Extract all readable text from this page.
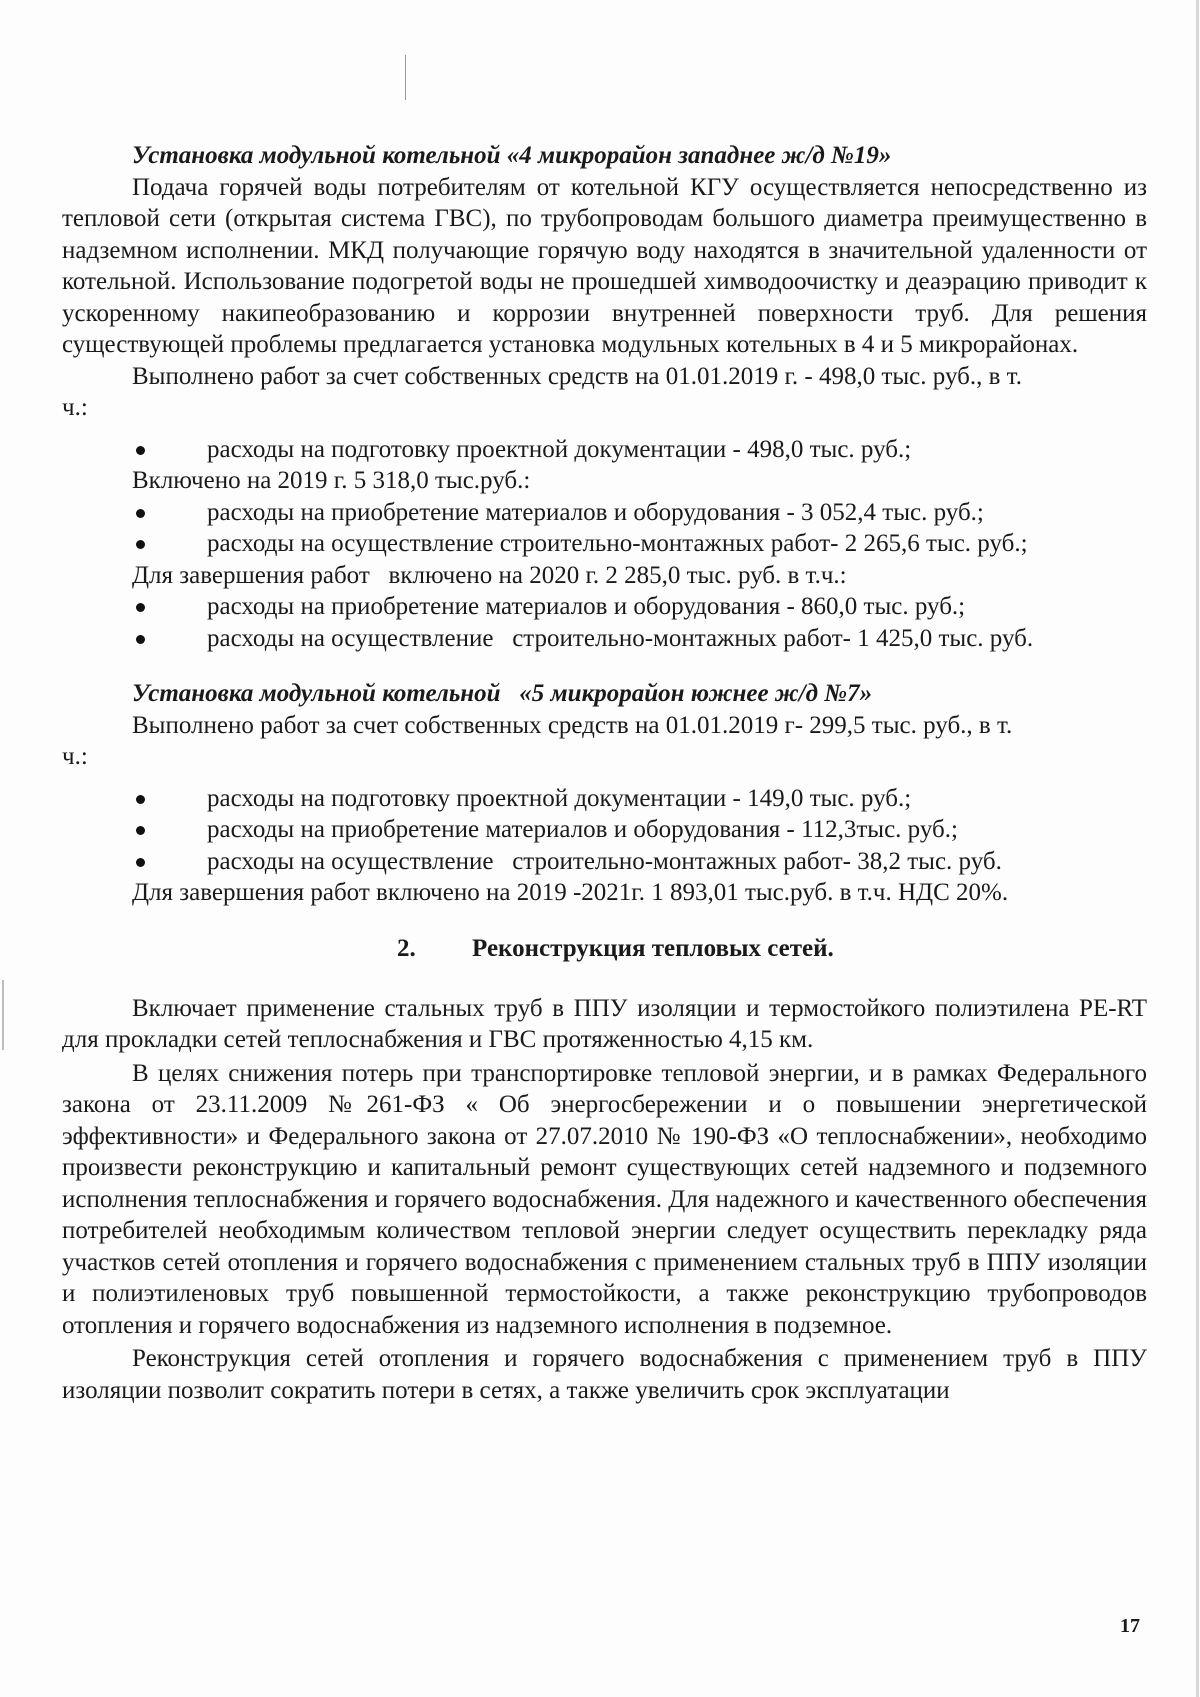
Установка модульной котельной «4 микрорайон западнее ж/д №19»

Подача горячей воды потребителям от котельной КГУ осуществляется непосредственно из тепловой сети (открытая система ГВС), по трубопроводам большого диаметра преимущественно в надземном исполнении. МКД получающие горячую воду находятся в значительной удаленности от котельной. Использование подогретой воды не прошедшей химводоочистку и деаэрацию приводит к ускоренному накипеобразованию и коррозии внутренней поверхности труб. Для решения существующей проблемы предлагается установка модульных котельных в 4 и 5 микрорайонах.

Выполнено работ за счет собственных средств на 01.01.2019 г. - 498,0 тыс. руб., в т.

ч.:

расходы на подготовку проектной документации - 498,0 тыс. руб.;

Включено на 2019 г. 5 318,0 тыс.руб.:

расходы на приобретение материалов и оборудования - 3 052,4 тыс. руб.;
расходы на осуществление строительно-монтажных работ- 2 265,6 тыс. руб.;

Для завершения работ   включено на 2020 г. 2 285,0 тыс. руб. в т.ч.:

расходы на приобретение материалов и оборудования - 860,0 тыс. руб.;
расходы на осуществление   строительно-монтажных работ- 1 425,0 тыс. руб.

Установка модульной котельной   «5 микрорайон южнее ж/д №7»

Выполнено работ за счет собственных средств на 01.01.2019 г- 299,5 тыс. руб., в т.

ч.:

расходы на подготовку проектной документации - 149,0 тыс. руб.;
расходы на приобретение материалов и оборудования - 112,3тыс. руб.;
расходы на осуществление   строительно-монтажных работ- 38,2 тыс. руб.

Для завершения работ включено на 2019 -2021г. 1 893,01 тыс.руб. в т.ч. НДС 20%.

2. Реконструкция тепловых сетей.

Включает применение стальных труб в ППУ изоляции и термостойкого полиэтилена PE-RT для прокладки сетей теплоснабжения и ГВС протяженностью 4,15 км.

В целях снижения потерь при транспортировке тепловой энергии, и в рамках Федерального закона от 23.11.2009 №261-ФЗ « Об энергосбережении и о повышении энергетической эффективности» и Федерального закона от 27.07.2010 № 190-ФЗ «О теплоснабжении», необходимо произвести реконструкцию и капитальный ремонт существующих сетей надземного и подземного исполнения теплоснабжения и горячего водоснабжения. Для надежного и качественного обеспечения потребителей необходимым количеством тепловой энергии следует осуществить перекладку ряда участков сетей отопления и горячего водоснабжения с применением стальных труб в ППУ изоляции и полиэтиленовых труб повышенной термостойкости, а также реконструкцию трубопроводов отопления и горячего водоснабжения из надземного исполнения в подземное.

Реконструкция сетей отопления и горячего водоснабжения с применением труб в ППУ изоляции позволит сократить потери в сетях, а также увеличить срок эксплуатации

17
